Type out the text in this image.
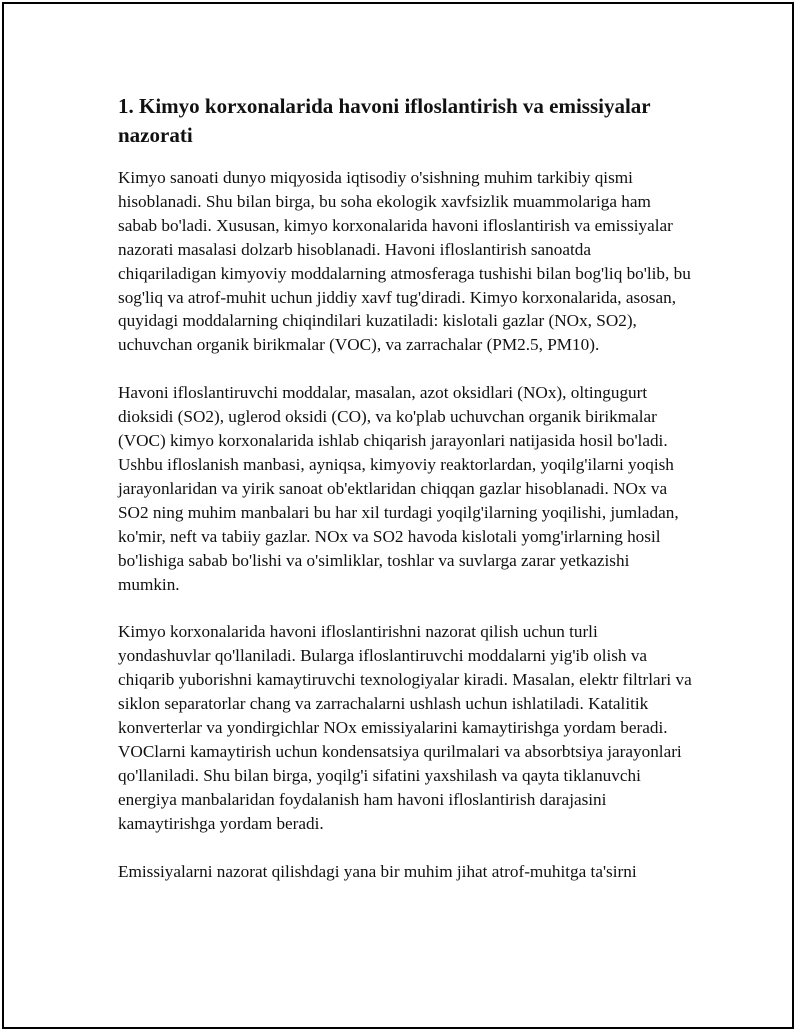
1. Kimyo korxonalarida havoni ifloslantirish va emissiyalar nazorati

Kimyo sanoati dunyo miqyosida iqtisodiy o'sishning muhim tarkibiy qismi hisoblanadi. Shu bilan birga, bu soha ekologik xavfsizlik muammolariga ham sabab bo'ladi. Xususan, kimyo korxonalarida havoni ifloslantirish va emissiyalar nazorati masalasi dolzarb hisoblanadi. Havoni ifloslantirish sanoatda chiqariladigan kimyoviy moddalarning atmosferaga tushishi bilan bog'liq bo'lib, bu sog'liq va atrof-muhit uchun jiddiy xavf tug'diradi. Kimyo korxonalarida, asosan, quyidagi moddalarning chiqindilari kuzatiladi: kislotali gazlar (NOx, SO2), uchuvchan organik birikmalar (VOC), va zarrachalar (PM2.5, PM10).

Havoni ifloslantiruvchi moddalar, masalan, azot oksidlari (NOx), oltingugurt dioksidi (SO2), uglerod oksidi (CO), va ko'plab uchuvchan organik birikmalar (VOC) kimyo korxonalarida ishlab chiqarish jarayonlari natijasida hosil bo'ladi. Ushbu ifloslanish manbasi, ayniqsa, kimyoviy reaktorlardan, yoqilg'ilarni yoqish jarayonlaridan va yirik sanoat ob'ektlaridan chiqqan gazlar hisoblanadi. NOx va SO2 ning muhim manbalari bu har xil turdagi yoqilg'ilarning yoqilishi, jumladan, ko'mir, neft va tabiiy gazlar. NOx va SO2 havoda kislotali yomg'irlarning hosil bo'lishiga sabab bo'lishi va o'simliklar, toshlar va suvlarga zarar yetkazishi mumkin.

Kimyo korxonalarida havoni ifloslantirishni nazorat qilish uchun turli yondashuvlar qo'llaniladi. Bularga ifloslantiruvchi moddalarni yig'ib olish va chiqarib yuborishni kamaytiruvchi texnologiyalar kiradi. Masalan, elektr filtrlari va siklon separatorlar chang va zarrachalarni ushlash uchun ishlatiladi. Katalitik konverterlar va yondirgichlar NOx emissiyalarini kamaytirishga yordam beradi. VOClarni kamaytirish uchun kondensatsiya qurilmalari va absorbtsiya jarayonlari qo'llaniladi. Shu bilan birga, yoqilg'i sifatini yaxshilash va qayta tiklanuvchi energiya manbalaridan foydalanish ham havoni ifloslantirish darajasini kamaytirishga yordam beradi.

Emissiyalarni nazorat qilishdagi yana bir muhim jihat atrof-muhitga ta'sirni
